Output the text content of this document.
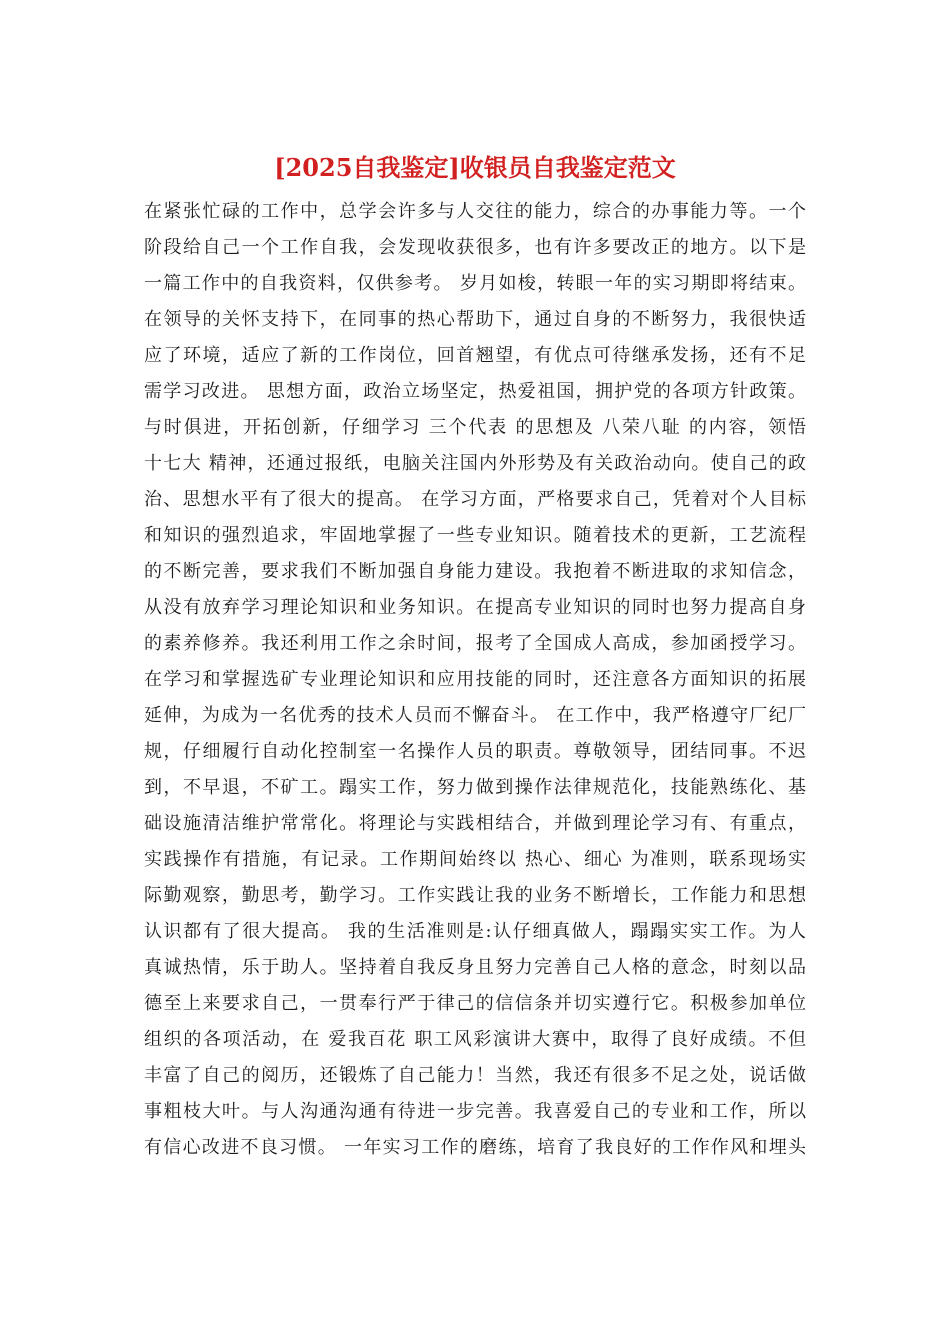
[2025自我鉴定]收银员自我鉴定范文
在紧张忙碌的工作中，总学会许多与人交往的能力，综合的办事能力等。一个
阶段给自己一个工作自我，会发现收获很多，也有许多要改正的地方。以下是
一篇工作中的自我资料，仅供参考。 岁月如梭，转眼一年的实习期即将结束。
在领导的关怀支持下，在同事的热心帮助下，通过自身的不断努力，我很快适
应了环境，适应了新的工作岗位，回首翘望，有优点可待继承发扬，还有不足
需学习改进。 思想方面，政治立场坚定，热爱祖国，拥护党的各项方针政策。
与时俱进，开拓创新，仔细学习 三个代表 的思想及 八荣八耻 的内容，领悟
十七大 精神，还通过报纸，电脑关注国内外形势及有关政治动向。使自己的政
治、思想水平有了很大的提高。 在学习方面，严格要求自己，凭着对个人目标
和知识的强烈追求，牢固地掌握了一些专业知识。随着技术的更新，工艺流程
的不断完善，要求我们不断加强自身能力建设。我抱着不断进取的求知信念，
从没有放弃学习理论知识和业务知识。在提高专业知识的同时也努力提高自身
的素养修养。我还利用工作之余时间，报考了全国成人高成，参加函授学习。
在学习和掌握选矿专业理论知识和应用技能的同时，还注意各方面知识的拓展
延伸，为成为一名优秀的技术人员而不懈奋斗。 在工作中，我严格遵守厂纪厂
规，仔细履行自动化控制室一名操作人员的职责。尊敬领导，团结同事。不迟
到，不早退，不矿工。蹋实工作，努力做到操作法律规范化，技能熟练化、基
础设施清洁维护常常化。将理论与实践相结合，并做到理论学习有、有重点，
实践操作有措施，有记录。工作期间始终以 热心、细心 为准则，联系现场实
际勤观察，勤思考，勤学习。工作实践让我的业务不断增长，工作能力和思想
认识都有了很大提高。 我的生活准则是:认仔细真做人，蹋蹋实实工作。为人
真诚热情，乐于助人。坚持着自我反身且努力完善自己人格的意念，时刻以品
德至上来要求自己，一贯奉行严于律己的信信条并切实遵行它。积极参加单位
组织的各项活动，在 爱我百花 职工风彩演讲大赛中，取得了良好成绩。不但
丰富了自己的阅历，还锻炼了自己能力！当然，我还有很多不足之处，说话做
事粗枝大叶。与人沟通沟通有待进一步完善。我喜爱自己的专业和工作，所以
有信心改进不良习惯。 一年实习工作的磨练，培育了我良好的工作作风和埋头
